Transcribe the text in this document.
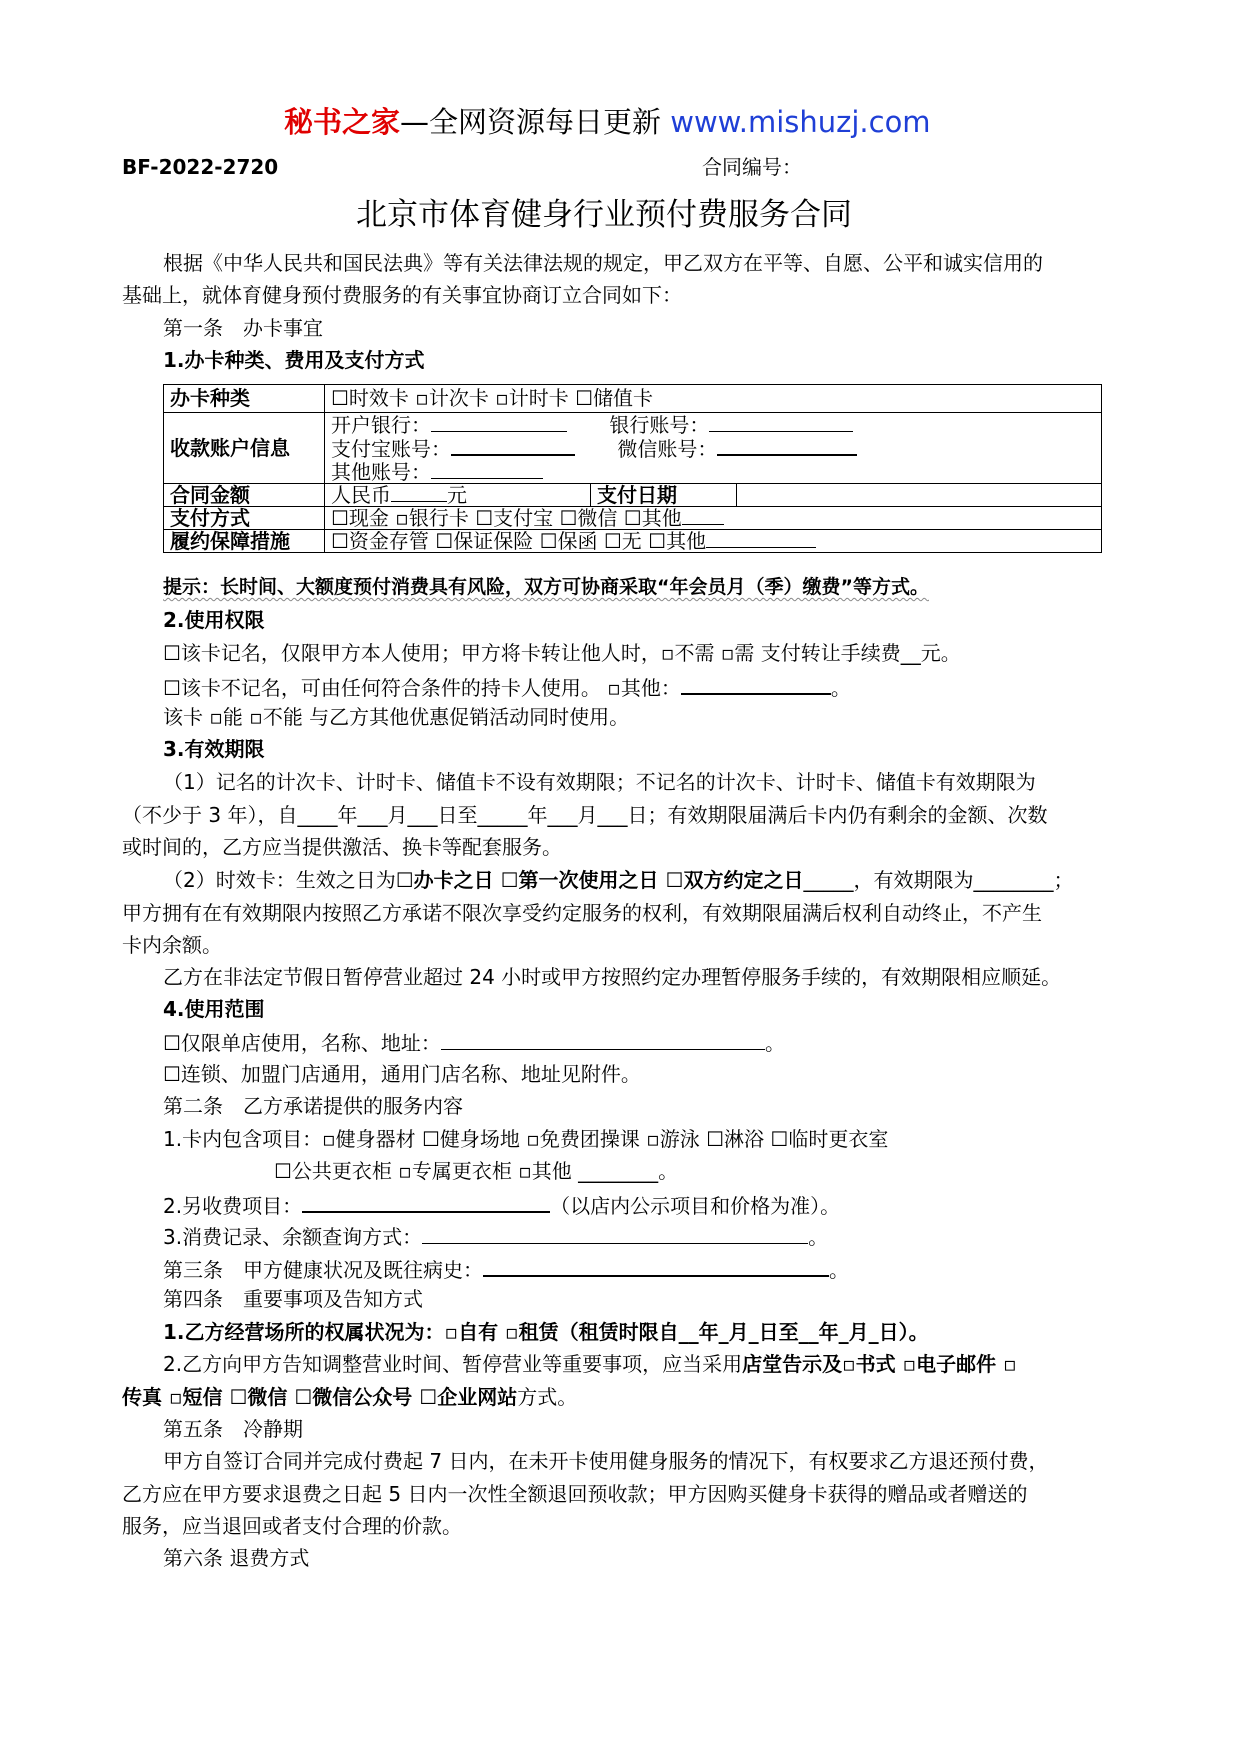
秘书之家—全网资源每日更新 www.mishuzj.com
BF-2022-2720	合同编号：
北京市体育健身行业预付费服务合同
根据《中华人民共和国民法典》等有关法律法规的规定，甲乙双方在平等、自愿、公平和诚实信用的
基础上，就体育健身预付费服务的有关事宜协商订立合同如下：
第一条　办卡事宜
1.办卡种类、费用及支付方式
办卡种类	☐时效卡 ▫计次卡 ▫计时卡 ☐储值卡		
收款账户信息	开户银行： 银行账号：
支付宝账号： 微信账号：
其他账号：		
合同金额	人民币 元	支付日期	
支付方式	☐现金 ▫银行卡 ☐支付宝 ☐微信 ☐其他		
履约保障措施	☐资金存管 ☐保证保险 ☐保函 ☐无 ☐其他		
提示：长时间、大额度预付消费具有风险，双方可协商采取“年会员月（季）缴费”等方式。
2.使用权限
☐该卡记名，仅限甲方本人使用；甲方将卡转让他人时，▫不需 ▫需 支付转让手续费__元。
☐该卡不记名，可由任何符合条件的持卡人使用。 ▫其他：	。
该卡 ▫能 ▫不能 与乙方其他优惠促销活动同时使用。
3.有效期限
（1）记名的计次卡、计时卡、储值卡不设有效期限；不记名的计次卡、计时卡、储值卡有效期限为
（不少于 3 年），自____年___月___日至_____年___月___日；有效期限届满后卡内仍有剩余的金额、次数
或时间的，乙方应当提供激活、换卡等配套服务。
（2）时效卡：生效之日为☐办卡之日 ☐第一次使用之日 ☐双方约定之日_____，有效期限为________；
甲方拥有在有效期限内按照乙方承诺不限次享受约定服务的权利，有效期限届满后权利自动终止，不产生
卡内余额。
乙方在非法定节假日暂停营业超过 24 小时或甲方按照约定办理暂停服务手续的，有效期限相应顺延。
4.使用范围
☐仅限单店使用，名称、地址：	。
☐连锁、加盟门店通用，通用门店名称、地址见附件。
第二条　乙方承诺提供的服务内容
1.卡内包含项目：▫健身器材 ☐健身场地 ▫免费团操课 ▫游泳 ☐淋浴 ☐临时更衣室
☐公共更衣柜 ▫专属更衣柜 ▫其他 ________。
2.另收费项目：	（以店内公示项目和价格为准）。
3.消费记录、余额查询方式：	。
第三条　甲方健康状况及既往病史：	。
第四条　重要事项及告知方式
1.乙方经营场所的权属状况为：▫自有 ▫租赁（租赁时限自__年_月_日至__年_月_日）。
2.乙方向甲方告知调整营业时间、暂停营业等重要事项，应当采用店堂告示及▫书式 ▫电子邮件 ▫
传真 ▫短信 ☐微信 ☐微信公众号 ☐企业网站方式。
第五条　冷静期
甲方自签订合同并完成付费起 7 日内，在未开卡使用健身服务的情况下，有权要求乙方退还预付费，
乙方应在甲方要求退费之日起 5 日内一次性全额退回预收款；甲方因购买健身卡获得的赠品或者赠送的
服务，应当退回或者支付合理的价款。
第六条 退费方式
